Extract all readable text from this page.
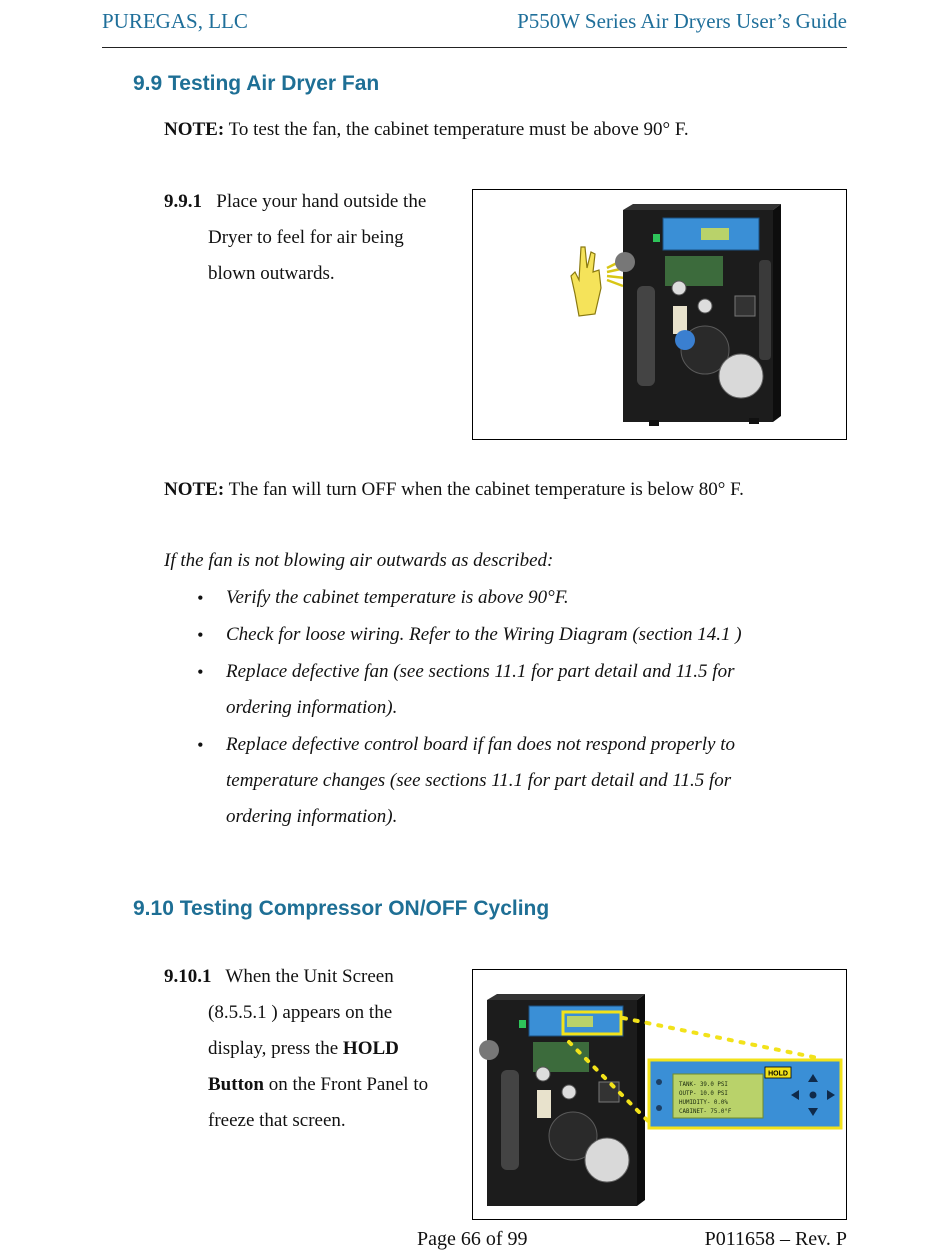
PUREGAS, LLC	P550W Series Air Dryers User’s Guide
9.9 Testing Air Dryer Fan
NOTE: To test the fan, the cabinet temperature must be above 90° F.
9.9.1 Place your hand outside the
Dryer to feel for air being
blown outwards.
NOTE: The fan will turn OFF when the cabinet temperature is below 80° F.
If the fan is not blowing air outwards as described:
• Verify the cabinet temperature is above 90°F.
• Check for loose wiring. Refer to the Wiring Diagram (section 14.1 )
• Replace defective fan (see sections 11.1 for part detail and 11.5 for
ordering information).
• Replace defective control board if fan does not respond properly to
temperature changes (see sections 11.1 for part detail and 11.5 for
ordering information).
9.10 Testing Compressor ON/OFF Cycling
9.10.1 When the Unit Screen
(8.5.5.1 ) appears on the
display, press the HOLD
Button on the Front Panel to
freeze that screen.
TANK- 39.0 PSI
OUTP- 10.0 PSI
HUMIDITY- 0.0%
CABINET- 75.0°F
HOLD
Page 66 of 99	P011658 – Rev. P
